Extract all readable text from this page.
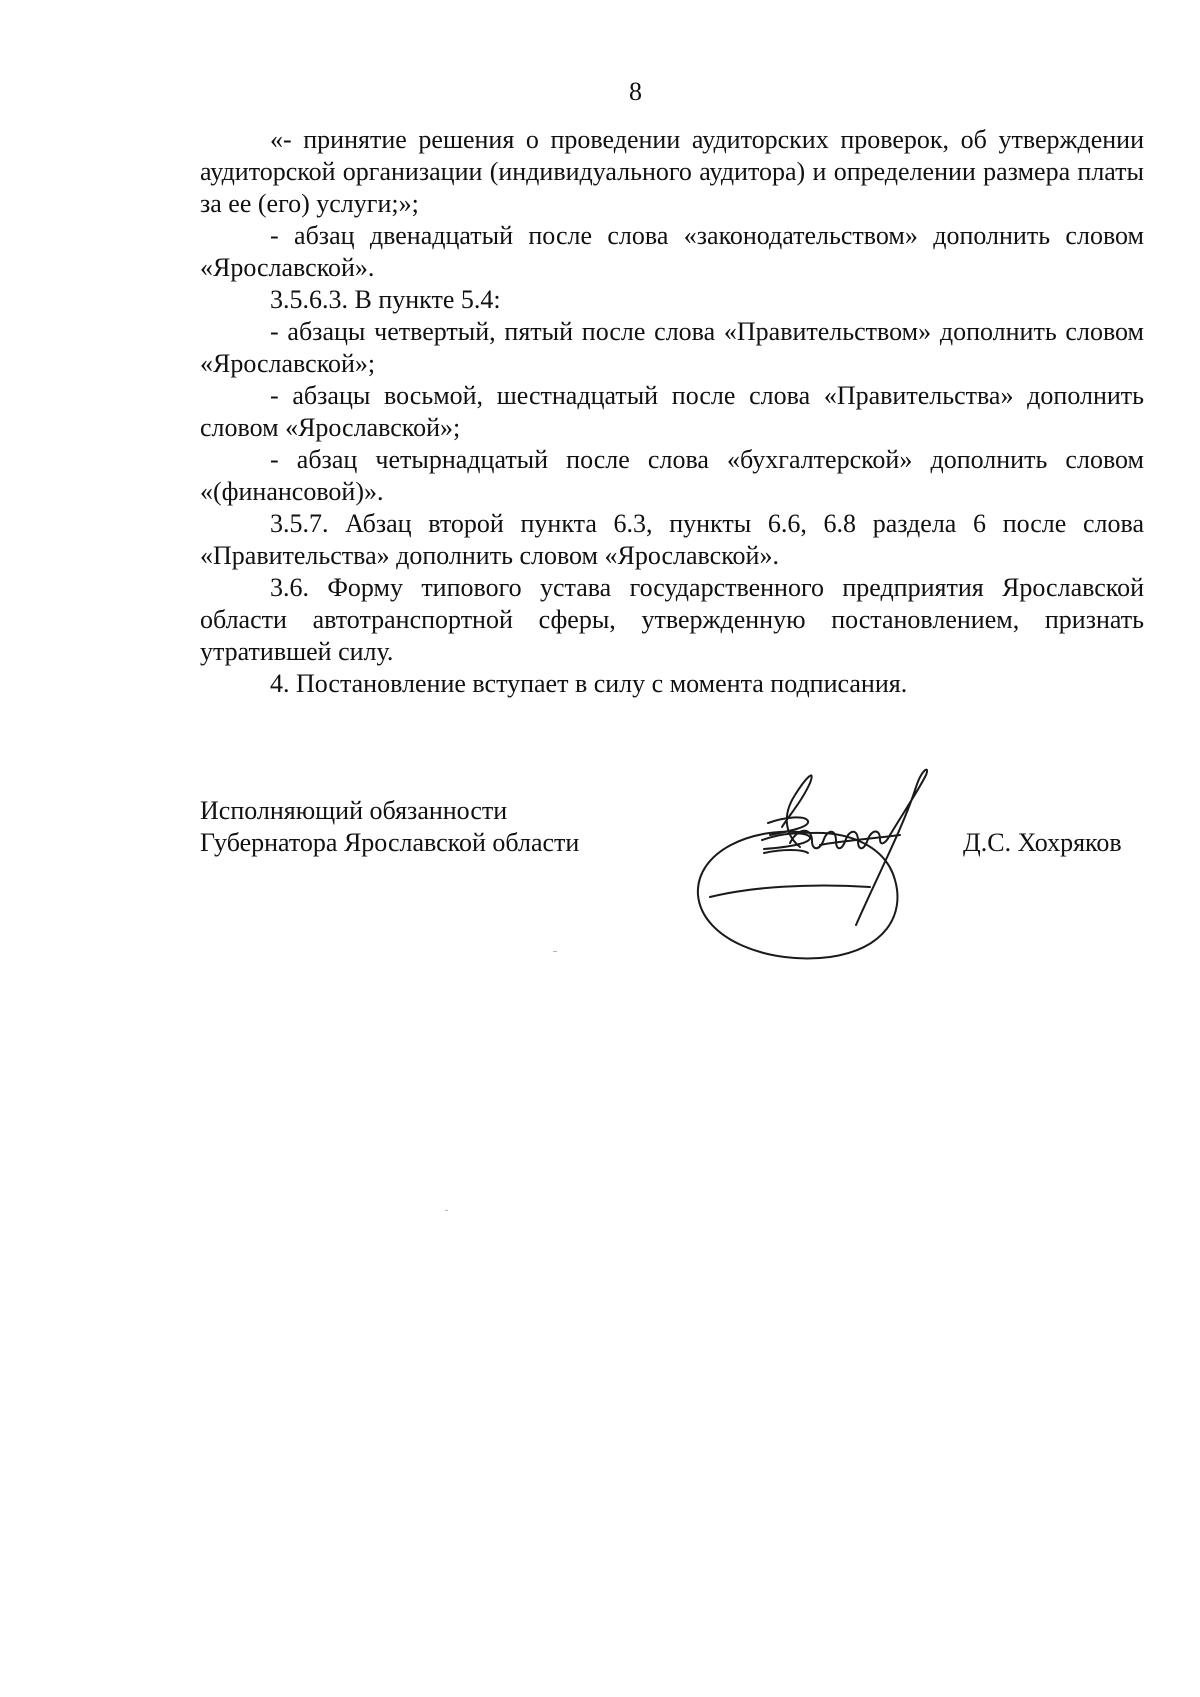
8

«- принятие решения о проведении аудиторских проверок, об утверждении аудиторской организации (индивидуального аудитора) и определении размера платы за ее (его) услуги;»;

- абзац двенадцатый после слова «законодательством» дополнить словом «Ярославской».

3.5.6.3. В пункте 5.4:

- абзацы четвертый, пятый после слова «Правительством» дополнить словом «Ярославской»;

- абзацы восьмой, шестнадцатый после слова «Правительства» дополнить словом «Ярославской»;

- абзац четырнадцатый после слова «бухгалтерской» дополнить словом «(финансовой)».

3.5.7. Абзац второй пункта 6.3, пункты 6.6, 6.8 раздела 6 после слова «Правительства» дополнить словом «Ярославской».

3.6. Форму типового устава государственного предприятия Ярославской области автотранспортной сферы, утвержденную постановлением, признать утратившей силу.

4. Постановление вступает в силу с момента подписания.

Исполняющий обязанности
Губернатора Ярославской области	Д.С. Хохряков
